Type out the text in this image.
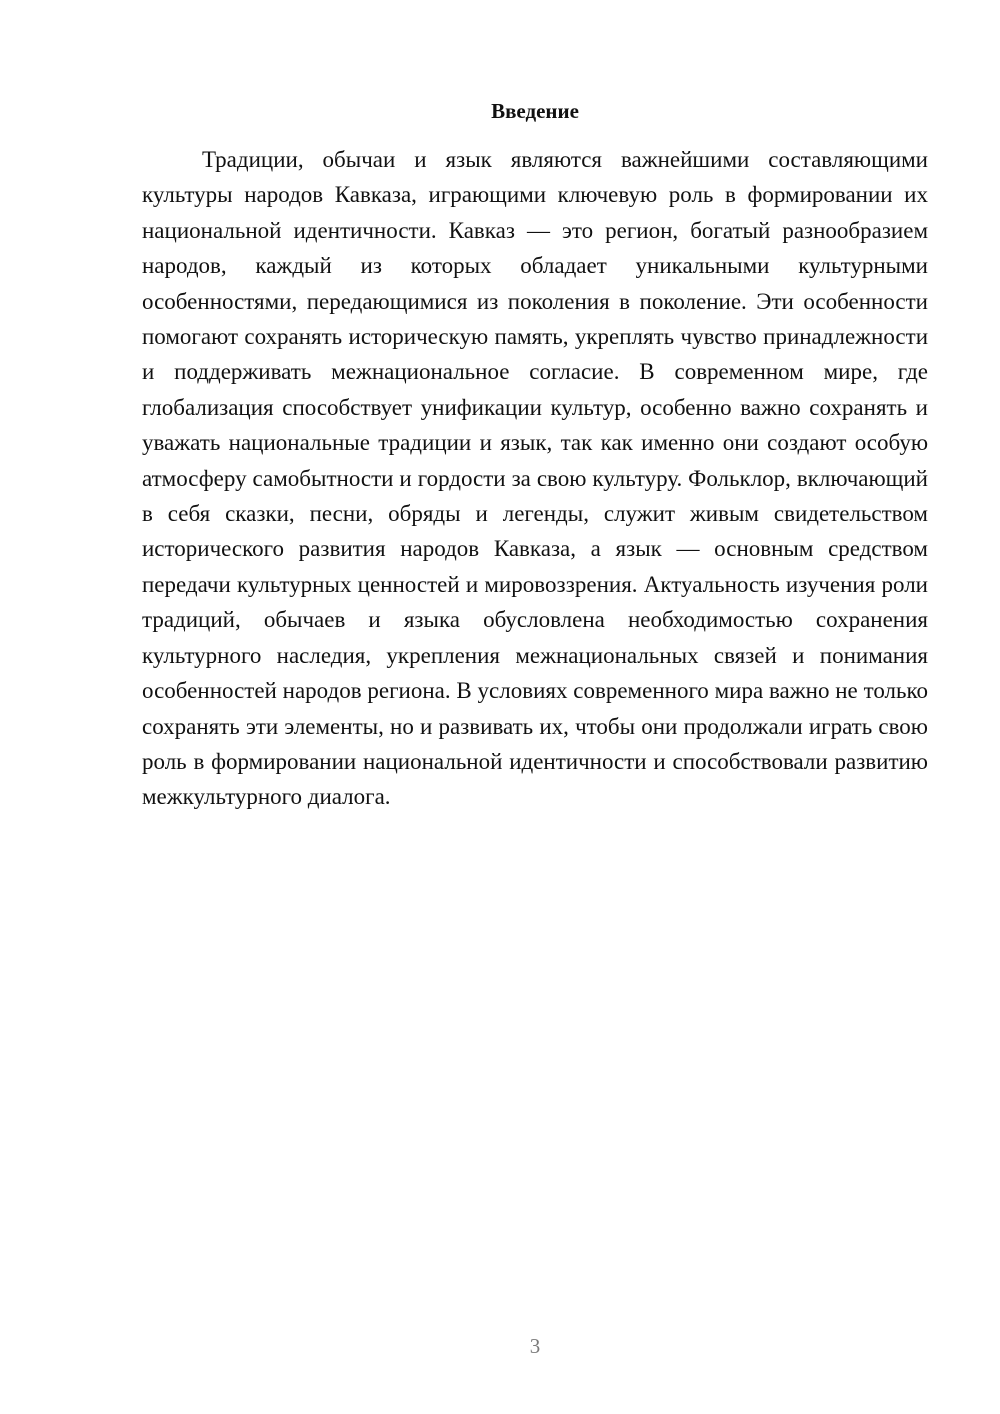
Введение

Традиции, обычаи и язык являются важнейшими составляющими культуры народов Кавказа, играющими ключевую роль в формировании их национальной идентичности. Кавказ — это регион, богатый разнообразием народов, каждый из которых обладает уникальными культурными особенностями, передающимися из поколения в поколение. Эти особенности помогают сохранять историческую память, укреплять чувство принадлежности и поддерживать межнациональное согласие. В современном мире, где глобализация способствует унификации культур, особенно важно сохранять и уважать национальные традиции и язык, так как именно они создают особую атмосферу самобытности и гордости за свою культуру. Фольклор, включающий в себя сказки, песни, обряды и легенды, служит живым свидетельством исторического развития народов Кавказа, а язык — основным средством передачи культурных ценностей и мировоззрения. Актуальность изучения роли традиций, обычаев и языка обусловлена необходимостью сохранения культурного наследия, укрепления межнациональных связей и понимания особенностей народов региона. В условиях современного мира важно не только сохранять эти элементы, но и развивать их, чтобы они продолжали играть свою роль в формировании национальной идентичности и способствовали развитию межкультурного диалога.

3
